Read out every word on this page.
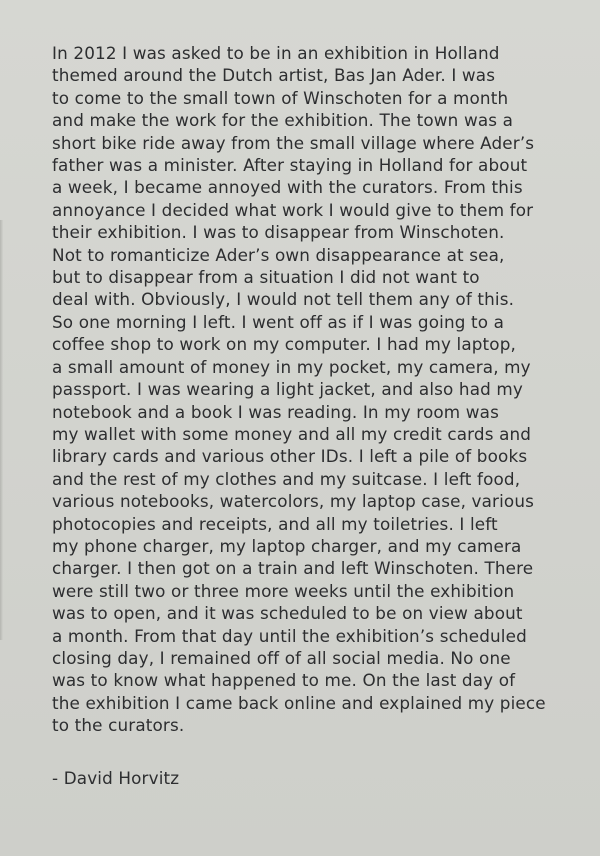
In 2012 I was asked to be in an exhibition in Holland
themed around the Dutch artist, Bas Jan Ader. I was
to come to the small town of Winschoten for a month
and make the work for the exhibition. The town was a
short bike ride away from the small village where Ader’s
father was a minister. After staying in Holland for about
a week, I became annoyed with the curators. From this
annoyance I decided what work I would give to them for
their exhibition. I was to disappear from Winschoten.
Not to romanticize Ader’s own disappearance at sea,
but to disappear from a situation I did not want to
deal with. Obviously, I would not tell them any of this.
So one morning I left. I went off as if I was going to a
coffee shop to work on my computer. I had my laptop,
a small amount of money in my pocket, my camera, my
passport. I was wearing a light jacket, and also had my
notebook and a book I was reading. In my room was
my wallet with some money and all my credit cards and
library cards and various other IDs. I left a pile of books
and the rest of my clothes and my suitcase. I left food,
various notebooks, watercolors, my laptop case, various
photocopies and receipts, and all my toiletries. I left
my phone charger, my laptop charger, and my camera
charger. I then got on a train and left Winschoten. There
were still two or three more weeks until the exhibition
was to open, and it was scheduled to be on view about
a month. From that day until the exhibition’s scheduled
closing day, I remained off of all social media. No one
was to know what happened to me. On the last day of
the exhibition I came back online and explained my piece
to the curators.

- David Horvitz
